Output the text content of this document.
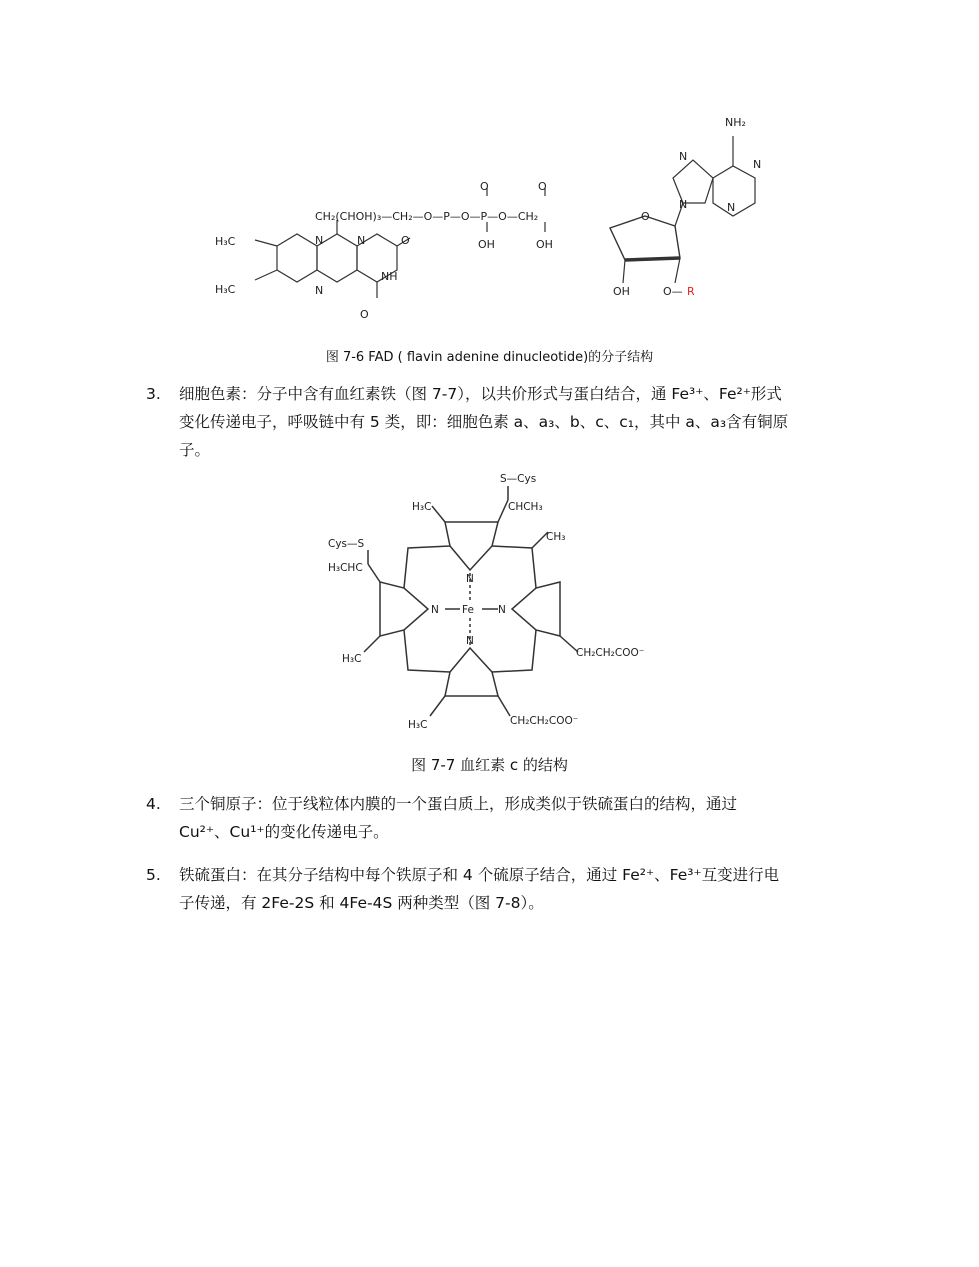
NH₂
CH₂(CHOH)₃—CH₂—O—P—O—P—O—CH₂
H₃C
H₃C
N	N
N
NH
O
O
O	O
OH	OH
O
OH	O— R
N
N
N
N
图 7-6 FAD ( flavin adenine dinucleotide)的分子结构
3. 细胞色素：分子中含有血红素铁（图 7-7），以共价形式与蛋白结合，通 Fe³⁺、Fe²⁺形式
变化传递电子，呼吸链中有 5 类，即：细胞色素 a、a₃、b、c、c₁，其中 a、a₃含有铜原
子。
S—Cys
CHCH₃
H₃C
CH₃
Cys—S
H₃CHC
N
N Fe N
N
H₃C	CH₂CH₂COO⁻
H₃C	CH₂CH₂COO⁻
图 7-7 血红素 c 的结构
4. 三个铜原子：位于线粒体内膜的一个蛋白质上，形成类似于铁硫蛋白的结构，通过
Cu²⁺、Cu¹⁺的变化传递电子。
5. 铁硫蛋白：在其分子结构中每个铁原子和 4 个硫原子结合，通过 Fe²⁺、Fe³⁺互变进行电
子传递，有 2Fe-2S 和 4Fe-4S 两种类型（图 7-8）。
